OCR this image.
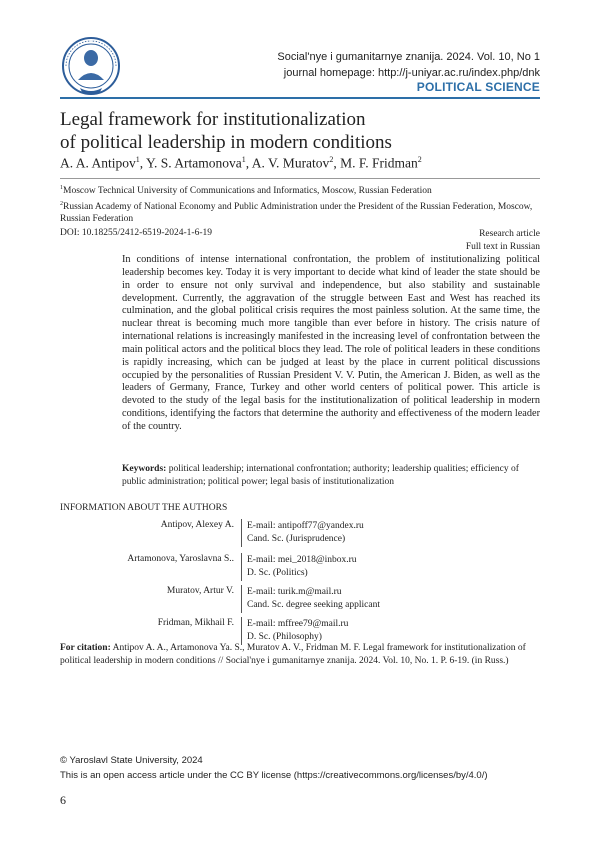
Social'nye i gumanitarnye znanija. 2024. Vol. 10, No 1
journal homepage: http://j-uniyar.ac.ru/index.php/dnk
POLITICAL SCIENCE
Legal framework for institutionalization
of political leadership in modern conditions
A. A. Antipov$^1$, Y. S. Artamonova$^1$, A. V. Muratov$^2$, M. F. Fridman$^2$

$^1$Moscow Technical University of Communications and Informatics, Moscow, Russian Federation

$^2$Russian Academy of National Economy and Public Administration under the President of the Russian Federation, Moscow, Russian Federation

DOI: 10.18255/2412-6519-2024-1-6-19	Research article
Full text in Russian

In conditions of intense international confrontation, the problem of institutionalizing political leadership becomes key. Today it is very important to decide what kind of leader the state should be in order to ensure not only survival and independence, but also stability and sustainable development. Currently, the aggravation of the struggle between East and West has reached its culmination, and the global political crisis requires the most painless solution. At the same time, the nuclear threat is becoming much more tangible than ever before in history. The crisis nature of international relations is increasingly manifested in the increasing level of confrontation between the main political actors and the political blocs they lead. The role of political leaders in these conditions is rapidly increasing, which can be judged at least by the place in current political discussions occupied by the personalities of Russian President V. V. Putin, the American J. Biden, as well as the leaders of Germany, France, Turkey and other world centers of political power. This article is devoted to the study of the legal basis for the institutionalization of political leadership in modern conditions, identifying the factors that determine the authority and effectiveness of the modern leader of the country.

Keywords: political leadership; international confrontation; authority; leadership qualities; efficiency of public administration; political power; legal basis of institutionalization

INFORMATION ABOUT THE AUTHORS
Antipov, Alexey A. E-mail: antipoff77@yandex.ru
Cand. Sc. (Jurisprudence)
Artamonova, Yaroslavna S.. E-mail: mei_2018@inbox.ru
D. Sc. (Politics)
Muratov, Artur V. E-mail: turik.m@mail.ru
Cand. Sc. degree seeking applicant
Fridman, Mikhail F. E-mail: mffree79@mail.ru
D. Sc. (Philosophy)

For citation: Antipov A. A., Artamonova Ya. S., Muratov A. V., Fridman M. F. Legal framework for institutionalization of political leadership in modern conditions // Social'nye i gumanitarnye znanija. 2024. Vol. 10, No. 1. P. 6-19. (in Russ.)

© Yaroslavl State University, 2024
This is an open access article under the CC BY license (https://creativecommons.org/licenses/by/4.0/)
6
